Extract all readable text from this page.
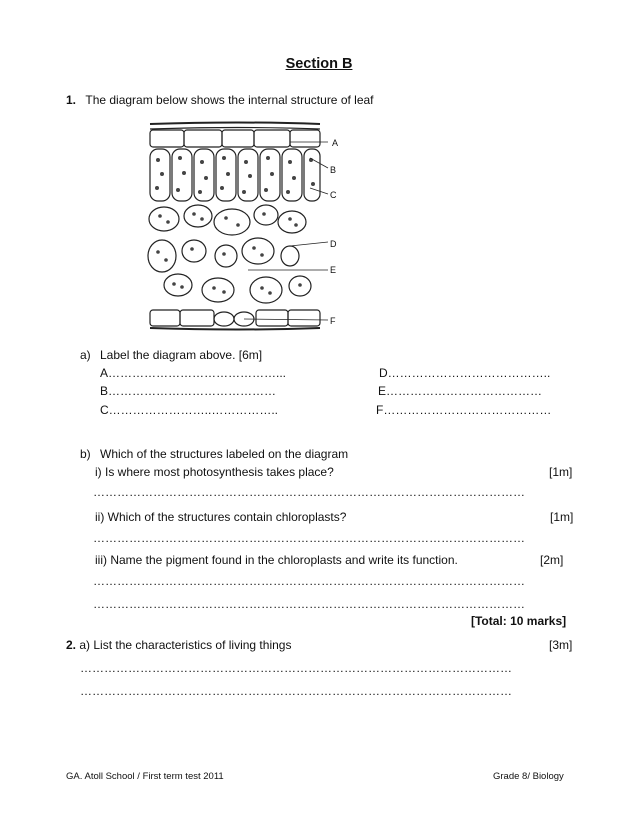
Section B
1. The diagram below shows the internal structure of leaf
A
B
C
D
E
F
a) Label the diagram above. [6m]
A……………………………………...
B……………………………………
C……………………..……………..
D…………………………………..
E…………………………………
F……………………………………
b) Which of the structures labeled on the diagram
i) Is where most photosynthesis takes place?	[1m]
………………………………………………………………………………………………
ii) Which of the structures contain chloroplasts?	[1m]
………………………………………………………………………………………………
iii) Name the pigment found in the chloroplasts and write its function.	[2m]
………………………………………………………………………………………………
………………………………………………………………………………………………
[Total: 10 marks]
2. a) List the characteristics of living things	[3m]
………………………………………………………………………………………………
………………………………………………………………………………………………
GA. Atoll School / First term test 2011	Grade 8/ Biology
